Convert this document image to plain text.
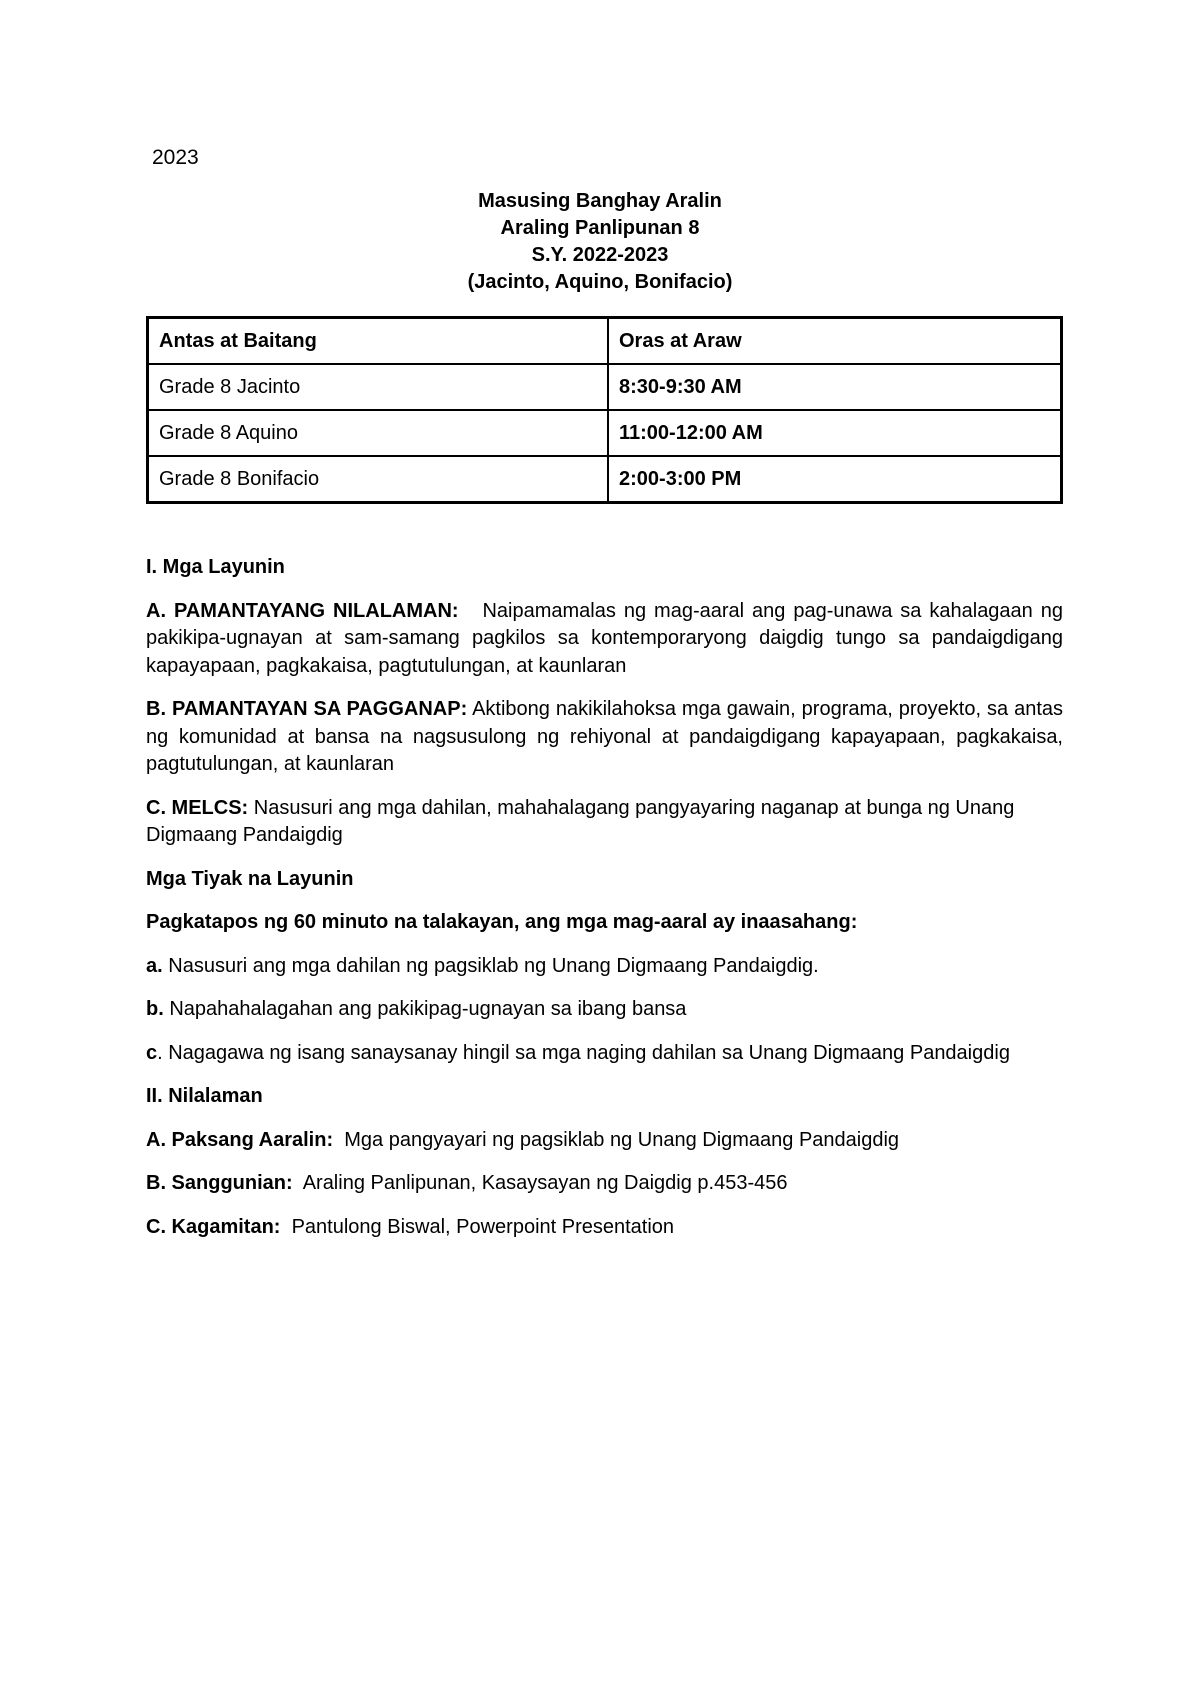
2023
Masusing Banghay Aralin
Araling Panlipunan 8
S.Y. 2022-2023
(Jacinto, Aquino, Bonifacio)
Antas at Baitang	Oras at Araw
Grade 8 Jacinto	8:30-9:30 AM
Grade 8 Aquino	11:00-12:00 AM
Grade 8 Bonifacio	2:00-3:00 PM

I. Mga Layunin

A. PAMANTAYANG NILALAMAN: Naipamamalas ng mag-aaral ang pag-unawa sa kahalagaan ng pakikipa-ugnayan at sam-samang pagkilos sa kontemporaryong daigdig tungo sa pandaigdigang kapayapaan, pagkakaisa, pagtutulungan, at kaunlaran

B. PAMANTAYAN SA PAGGANAP: Aktibong nakikilahoksa mga gawain, programa, proyekto, sa antas ng komunidad at bansa na nagsusulong ng rehiyonal at pandaigdigang kapayapaan, pagkakaisa, pagtutulungan, at kaunlaran

C. MELCS: Nasusuri ang mga dahilan, mahahalagang pangyayaring naganap at bunga ng Unang Digmaang Pandaigdig

Mga Tiyak na Layunin

Pagkatapos ng 60 minuto na talakayan, ang mga mag-aaral ay inaasahang:

a. Nasusuri ang mga dahilan ng pagsiklab ng Unang Digmaang Pandaigdig.

b. Napahahalagahan ang pakikipag-ugnayan sa ibang bansa

c. Nagagawa ng isang sanaysanay hingil sa mga naging dahilan sa Unang Digmaang Pandaigdig

II. Nilalaman

A. Paksang Aaralin: Mga pangyayari ng pagsiklab ng Unang Digmaang Pandaigdig

B. Sanggunian: Araling Panlipunan, Kasaysayan ng Daigdig p.453-456

C. Kagamitan: Pantulong Biswal, Powerpoint Presentation
